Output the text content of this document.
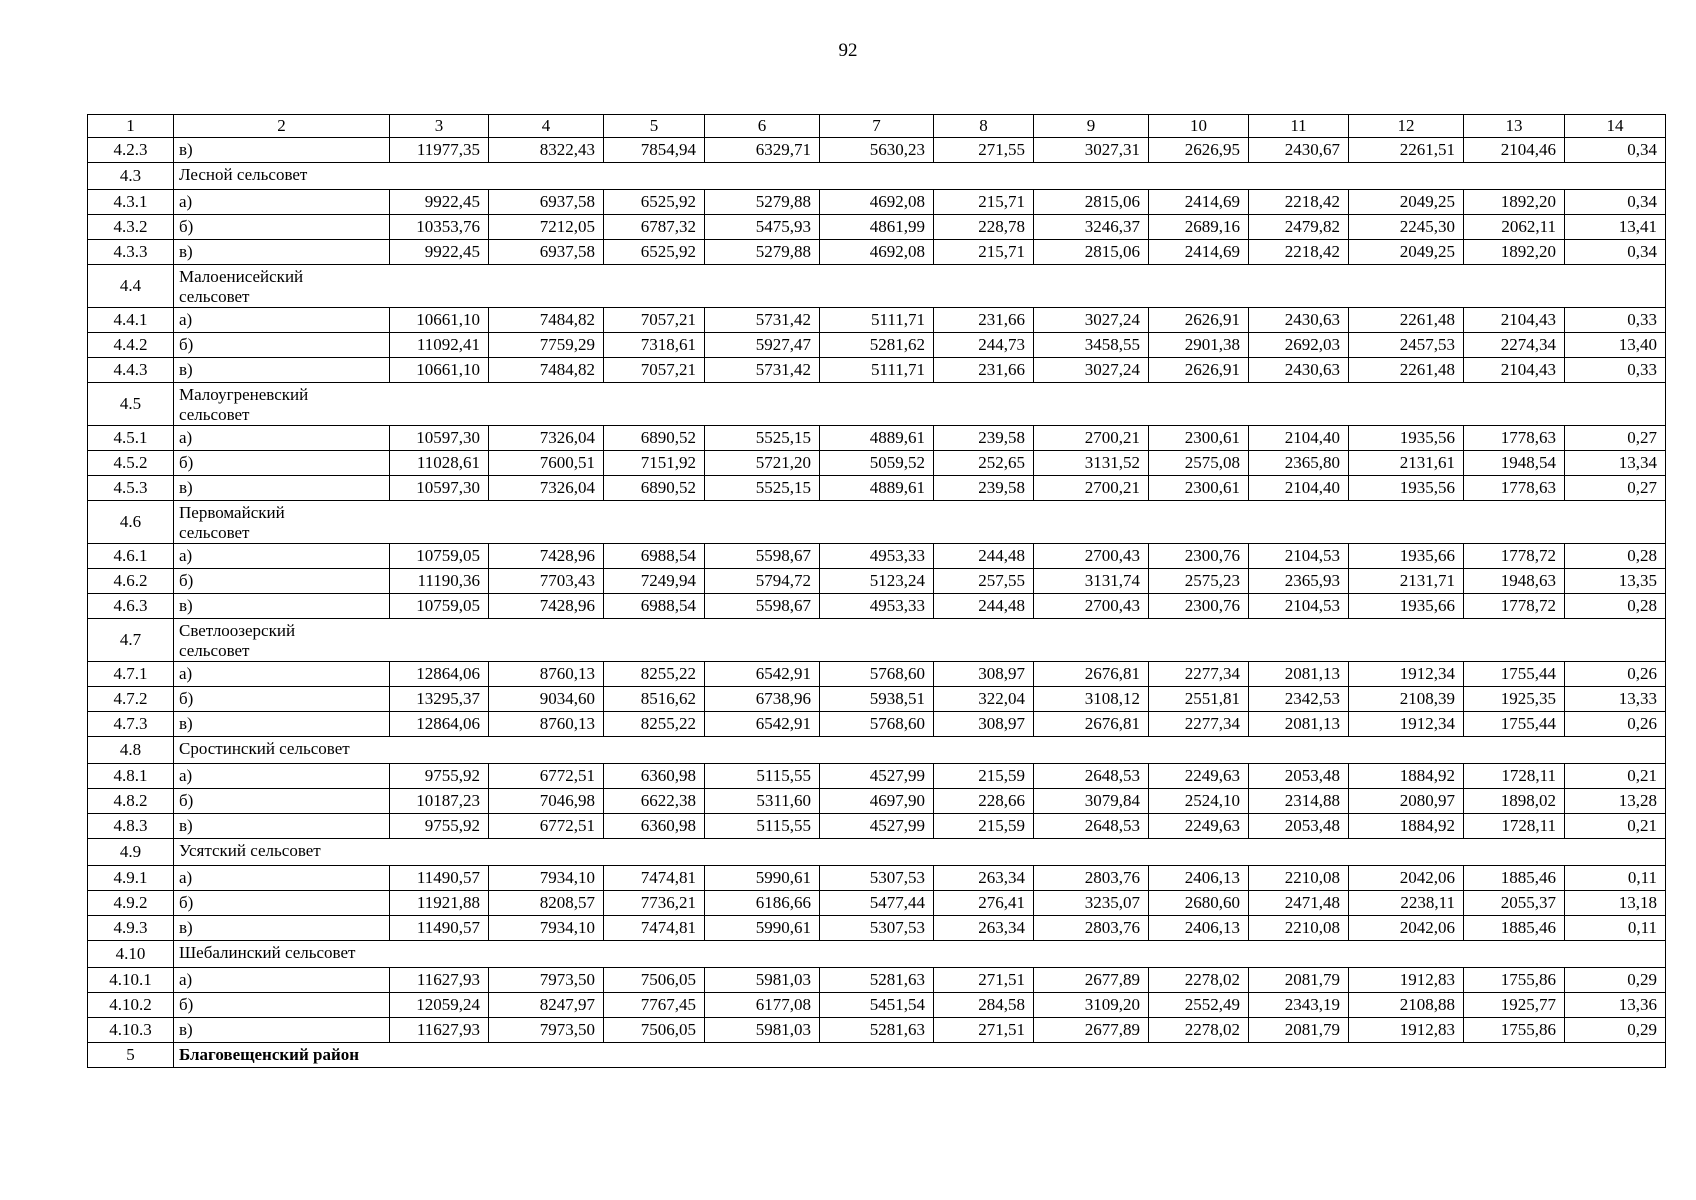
92
1	2	3	4	5	6	7	8	9	10	11	12	13	14
4.2.3	в)	11977,35	8322,43	7854,94	6329,71	5630,23	271,55	3027,31	2626,95	2430,67	2261,51	2104,46	0,34
4.3	Лесной сельсовет												
4.3.1	а)	9922,45	6937,58	6525,92	5279,88	4692,08	215,71	2815,06	2414,69	2218,42	2049,25	1892,20	0,34
4.3.2	б)	10353,76	7212,05	6787,32	5475,93	4861,99	228,78	3246,37	2689,16	2479,82	2245,30	2062,11	13,41
4.3.3	в)	9922,45	6937,58	6525,92	5279,88	4692,08	215,71	2815,06	2414,69	2218,42	2049,25	1892,20	0,34
4.4	Малоенисейский
сельсовет												
4.4.1	а)	10661,10	7484,82	7057,21	5731,42	5111,71	231,66	3027,24	2626,91	2430,63	2261,48	2104,43	0,33
4.4.2	б)	11092,41	7759,29	7318,61	5927,47	5281,62	244,73	3458,55	2901,38	2692,03	2457,53	2274,34	13,40
4.4.3	в)	10661,10	7484,82	7057,21	5731,42	5111,71	231,66	3027,24	2626,91	2430,63	2261,48	2104,43	0,33
4.5	Малоугреневский
сельсовет												
4.5.1	а)	10597,30	7326,04	6890,52	5525,15	4889,61	239,58	2700,21	2300,61	2104,40	1935,56	1778,63	0,27
4.5.2	б)	11028,61	7600,51	7151,92	5721,20	5059,52	252,65	3131,52	2575,08	2365,80	2131,61	1948,54	13,34
4.5.3	в)	10597,30	7326,04	6890,52	5525,15	4889,61	239,58	2700,21	2300,61	2104,40	1935,56	1778,63	0,27
4.6	Первомайский
сельсовет												
4.6.1	а)	10759,05	7428,96	6988,54	5598,67	4953,33	244,48	2700,43	2300,76	2104,53	1935,66	1778,72	0,28
4.6.2	б)	11190,36	7703,43	7249,94	5794,72	5123,24	257,55	3131,74	2575,23	2365,93	2131,71	1948,63	13,35
4.6.3	в)	10759,05	7428,96	6988,54	5598,67	4953,33	244,48	2700,43	2300,76	2104,53	1935,66	1778,72	0,28
4.7	Светлоозерский
сельсовет												
4.7.1	а)	12864,06	8760,13	8255,22	6542,91	5768,60	308,97	2676,81	2277,34	2081,13	1912,34	1755,44	0,26
4.7.2	б)	13295,37	9034,60	8516,62	6738,96	5938,51	322,04	3108,12	2551,81	2342,53	2108,39	1925,35	13,33
4.7.3	в)	12864,06	8760,13	8255,22	6542,91	5768,60	308,97	2676,81	2277,34	2081,13	1912,34	1755,44	0,26
4.8	Сростинский сельсовет												
4.8.1	а)	9755,92	6772,51	6360,98	5115,55	4527,99	215,59	2648,53	2249,63	2053,48	1884,92	1728,11	0,21
4.8.2	б)	10187,23	7046,98	6622,38	5311,60	4697,90	228,66	3079,84	2524,10	2314,88	2080,97	1898,02	13,28
4.8.3	в)	9755,92	6772,51	6360,98	5115,55	4527,99	215,59	2648,53	2249,63	2053,48	1884,92	1728,11	0,21
4.9	Усятский сельсовет												
4.9.1	а)	11490,57	7934,10	7474,81	5990,61	5307,53	263,34	2803,76	2406,13	2210,08	2042,06	1885,46	0,11
4.9.2	б)	11921,88	8208,57	7736,21	6186,66	5477,44	276,41	3235,07	2680,60	2471,48	2238,11	2055,37	13,18
4.9.3	в)	11490,57	7934,10	7474,81	5990,61	5307,53	263,34	2803,76	2406,13	2210,08	2042,06	1885,46	0,11
4.10	Шебалинский сельсовет												
4.10.1	а)	11627,93	7973,50	7506,05	5981,03	5281,63	271,51	2677,89	2278,02	2081,79	1912,83	1755,86	0,29
4.10.2	б)	12059,24	8247,97	7767,45	6177,08	5451,54	284,58	3109,20	2552,49	2343,19	2108,88	1925,77	13,36
4.10.3	в)	11627,93	7973,50	7506,05	5981,03	5281,63	271,51	2677,89	2278,02	2081,79	1912,83	1755,86	0,29
5	Благовещенский район												
